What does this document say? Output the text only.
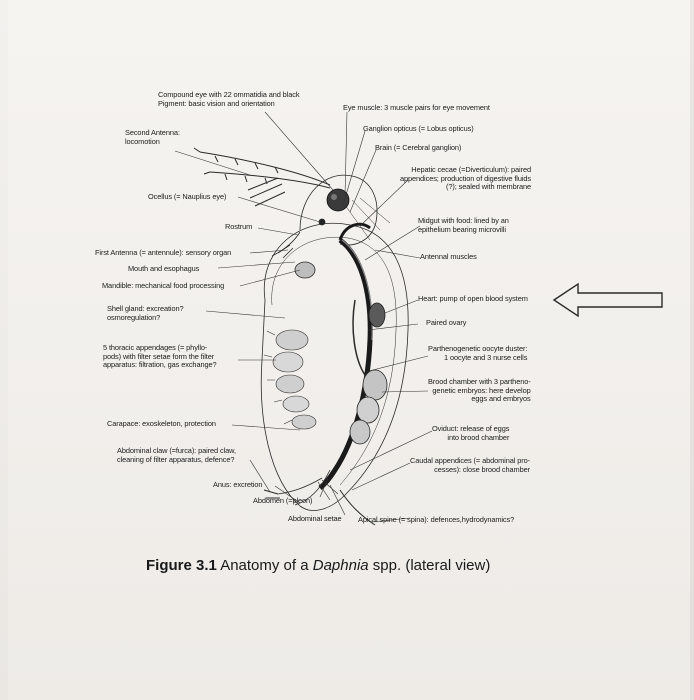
Compound eye with 22 ommatidia and black
Pigment: basic vision and orientation
Second Antenna:
locomotion
Ocellus (= Nauplius eye)
Rostrum
First Antenna (= antennule): sensory organ
Mouth and esophagus
Mandible: mechanical food processing
Shell gland: excreation?
osmoregulation?
5 thoracic appendages (= phyllo-
pods) with filter setae form the filter
apparatus: filtration, gas exchange?
Carapace: exoskeleton, protection
Abdominal claw (=furca): paired claw,
cleaning of filter apparatus, defence?
Anus: excretion
Abdomen (=pleon)
Abdominal setae
Eye muscle: 3 muscle pairs for eye movement
Ganglion opticus (= Lobus opticus)
Brain (= Cerebral ganglion)
Hepatic cecae (=Diverticulum): paired
appendices; production of digestive fluids
(?); sealed with membrane
Midgut with food: lined by an
epithelium bearing microvilli
Antennal muscles
Heart: pump of open blood system
Paired ovary
Parthenogenetic oocyte duster:
1 oocyte and 3 nurse cells
Brood chamber with 3 partheno-
genetic embryos: here develop
eggs and embryos
Oviduct: release of eggs
into brood chamber
Caudal appendices (= abdominal pro-
cesses): close brood chamber
Apical spine (= spina): defences,hydrodynamics?
Figure 3.1 Anatomy of a Daphnia spp. (lateral view)
